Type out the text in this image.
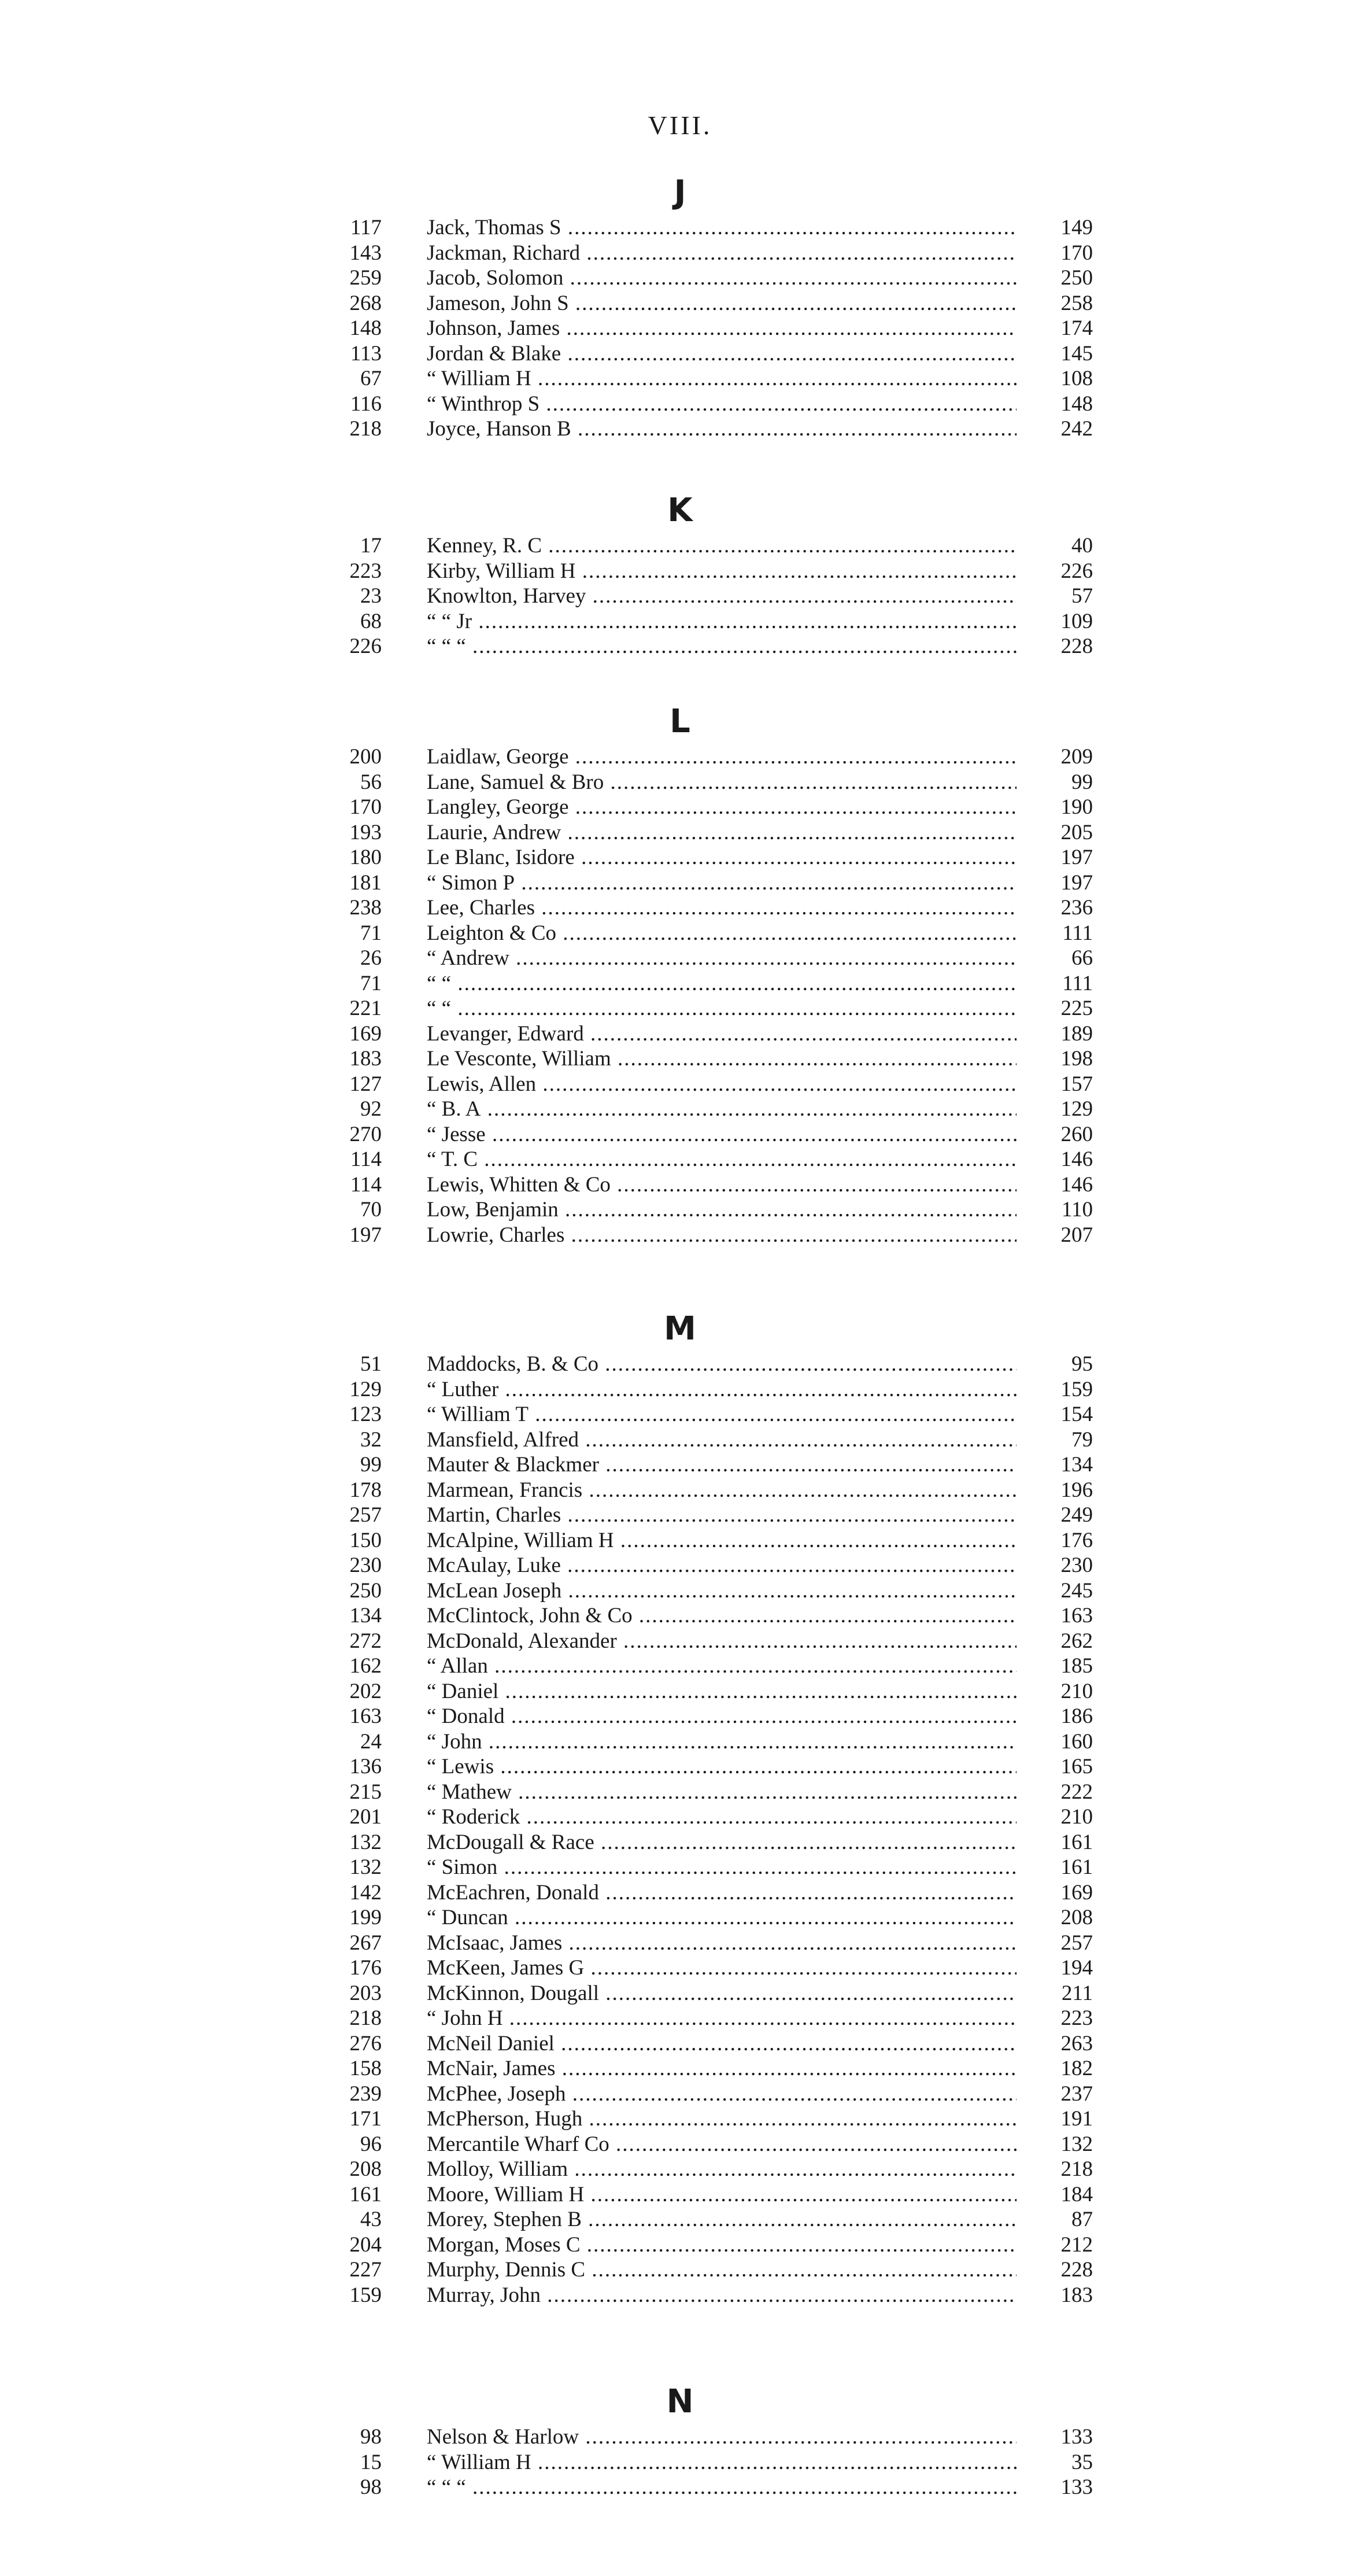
VIII.
J
117 Jack, Thomas S .....	149
143 Jackman, Richard .....	170
259 Jacob, Solomon .....	250
268 Jameson, John S .....	258
148 Johnson, James .....	174
113 Jordan & Blake .....	145
67 “ William H .....	108
116 “ Winthrop S .....	148
218 Joyce, Hanson B .....	242
K
17 Kenney, R. C .....	40
223 Kirby, William H .....	226
23 Knowlton, Harvey .....	57
68 “ “ Jr .....	109
226 “ “ “ .....	228
L
200 Laidlaw, George .....	209
56 Lane, Samuel & Bro .....	99
170 Langley, George .....	190
193 Laurie, Andrew .....	205
180 Le Blanc, Isidore .....	197
181 “ Simon P .....	197
238 Lee, Charles .....	236
71 Leighton & Co .....	111
26 “ Andrew .....	66
71 “ “ .....	111
221 “ “ .....	225
169 Levanger, Edward .....	189
183 Le Vesconte, William .....	198
127 Lewis, Allen .....	157
92 “ B. A .....	129
270 “ Jesse .....	260
114 “ T. C .....	146
114 Lewis, Whitten & Co .....	146
70 Low, Benjamin .....	110
197 Lowrie, Charles .....	207
M
51 Maddocks, B. & Co .....	95
129 “ Luther .....	159
123 “ William T .....	154
32 Mansfield, Alfred .....	79
99 Mauter & Blackmer .....	134
178 Marmean, Francis .....	196
257 Martin, Charles .....	249
150 McAlpine, William H .....	176
230 McAulay, Luke .....	230
250 McLean Joseph .....	245
134 McClintock, John & Co .....	163
272 McDonald, Alexander .....	262
162 “ Allan .....	185
202 “ Daniel .....	210
163 “ Donald .....	186
24 “ John .....	160
136 “ Lewis .....	165
215 “ Mathew .....	222
201 “ Roderick .....	210
132 McDougall & Race .....	161
132 “ Simon .....	161
142 McEachren, Donald .....	169
199 “ Duncan .....	208
267 McIsaac, James .....	257
176 McKeen, James G .....	194
203 McKinnon, Dougall .....	211
218 “ John H .....	223
276 McNeil Daniel .....	263
158 McNair, James .....	182
239 McPhee, Joseph .....	237
171 McPherson, Hugh .....	191
96 Mercantile Wharf Co .....	132
208 Molloy, William .....	218
161 Moore, William H .....	184
43 Morey, Stephen B .....	87
204 Morgan, Moses C .....	212
227 Murphy, Dennis C .....	228
159 Murray, John .....	183
N
98 Nelson & Harlow .....	133
15 “ William H .....	35
98 “ “ “ .....	133
